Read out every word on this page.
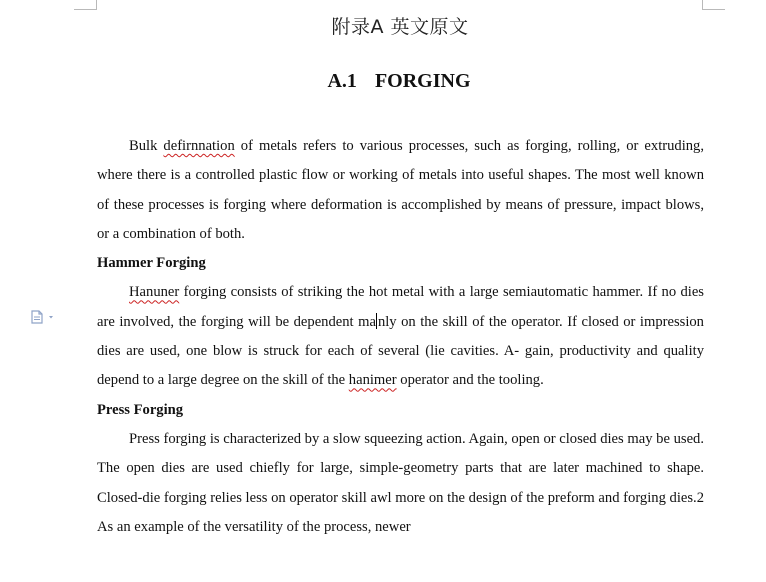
附录A 英文原文
A.1 FORGING

Bulk defirnnation of metals refers to various processes, such as forging, rolling, or extruding, where there is a controlled plastic flow or working of metals into useful shapes. The most well known of these processes is forging where deformation is accomplished by means of pressure, impact blows, or a combination of both.

Hammer Forging

Hanuner forging consists of striking the hot metal with a large semiautomatic hammer. If no dies are involved, the forging will be dependent ma nly on the skill of the operator. If closed or impression dies are used, one blow is struck for each of several (lie cavities. A- gain, productivity and quality depend to a large degree on the skill of the hanimer operator and the tooling.

Press Forging

Press forging is characterized by a slow squeezing action. Again, open or closed dies may be used. The open dies are used chiefly for large, simple-geometry parts that are later machined to shape. Closed-die forging relies less on operator skill awl more on the design of the preform and forging dies.2 As an example of the versatility of the process, newer
